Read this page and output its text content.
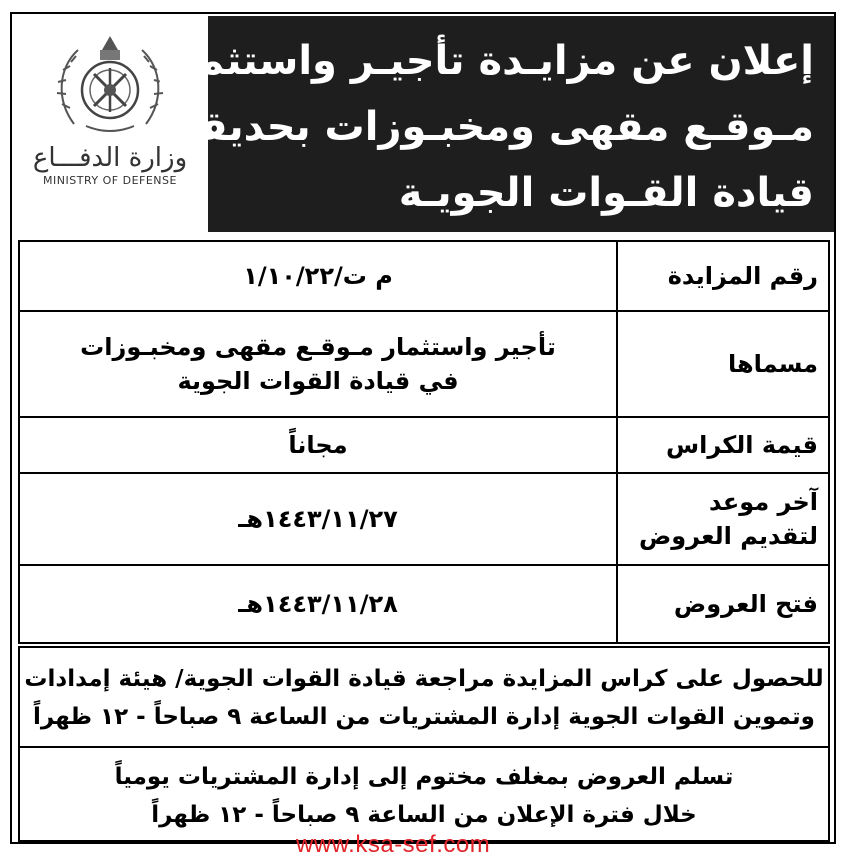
وزارة الدفـــاع
MINISTRY OF DEFENSE
إعلان عن مزايـدة تأجيـر واستثمار
مـوقـع مقهى ومخبـوزات بحديقة
قيادة القـوات الجويـة
رقم المزايدة	م ت/١/١٠/٢٢

مسماها	تأجير واستثمار مـوقـع مقهى ومخبـوزات
في قيادة القوات الجوية

قيمة الكراس	مجاناً

آخر موعد
لتقديم العروض	١٤٤٣/١١/٢٧هـ

فتح العروض	١٤٤٣/١١/٢٨هـ
للحصول على كراس المزايدة مراجعة قيادة القوات الجوية/ هيئة إمدادات
وتموين القوات الجوية إدارة المشتريات من الساعة ٩ صباحاً - ١٢ ظهراً
تسلم العروض بمغلف مختوم إلى إدارة المشتريات يومياً
خلال فترة الإعلان من الساعة ٩ صباحاً - ١٢ ظهراً
www.ksa-sef.com
